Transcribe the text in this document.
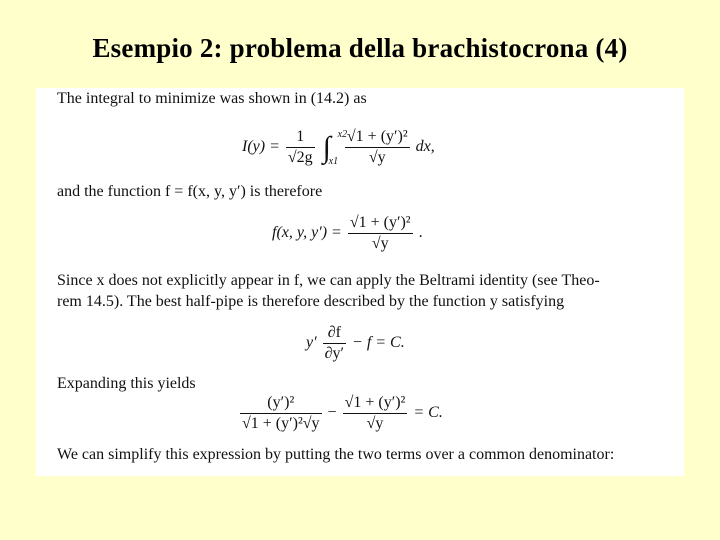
Esempio 2: problema della brachistocrona (4)
The integral to minimize was shown in (14.2) as
$I(y) = \frac{1}{√2g}$ ∫ x2
x1
$\frac{\text{√1 + (y′)²}}{√y}$ dx,
and the function f = f(x, y, y′) is therefore
f(x, y, $y') = \frac{\text{√1 + (y′)²}}{√y}$ .
Since x does not explicitly appear in f, we can apply the Beltrami identity (see Theo-
rem 14.5). The best half-pipe is therefore described by the function y satisfying
$y' \frac{\partial f}{\partial y'} - f = C$.
Expanding this yields
$\frac{\text{(y′)²}}{\text{√1 + (y′)²√y}} - \frac{\text{√1 + (y′)²}}{√y} = C$.
We can simplify this expression by putting the two terms over a common denominator:
